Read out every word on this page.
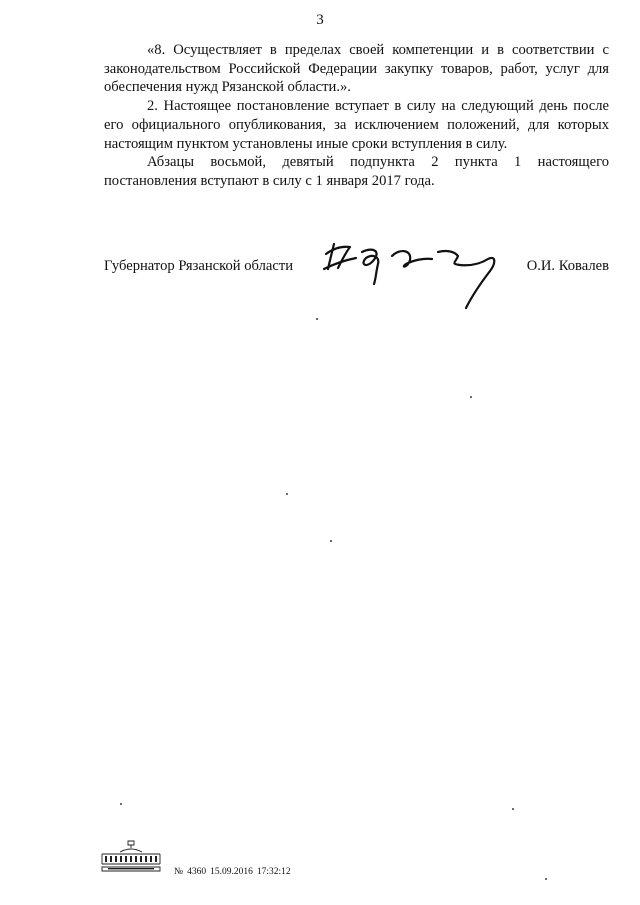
3
«8. Осуществляет в пределах своей компетенции и в соответствии с
законодательством Российской Федерации закупку товаров, работ, услуг для
обеспечения нужд Рязанской области.».
2. Настоящее постановление вступает в силу на следующий день после
его официального опубликования, за исключением положений, для которых
настоящим пунктом установлены иные сроки вступления в силу.
Абзацы восьмой, девятый подпункта 2 пункта 1 настоящего
постановления вступают в силу с 1 января 2017 года.
Губернатор Рязанской области	О.И. Ковалев
№ 4360 15.09.2016 17:32:12
